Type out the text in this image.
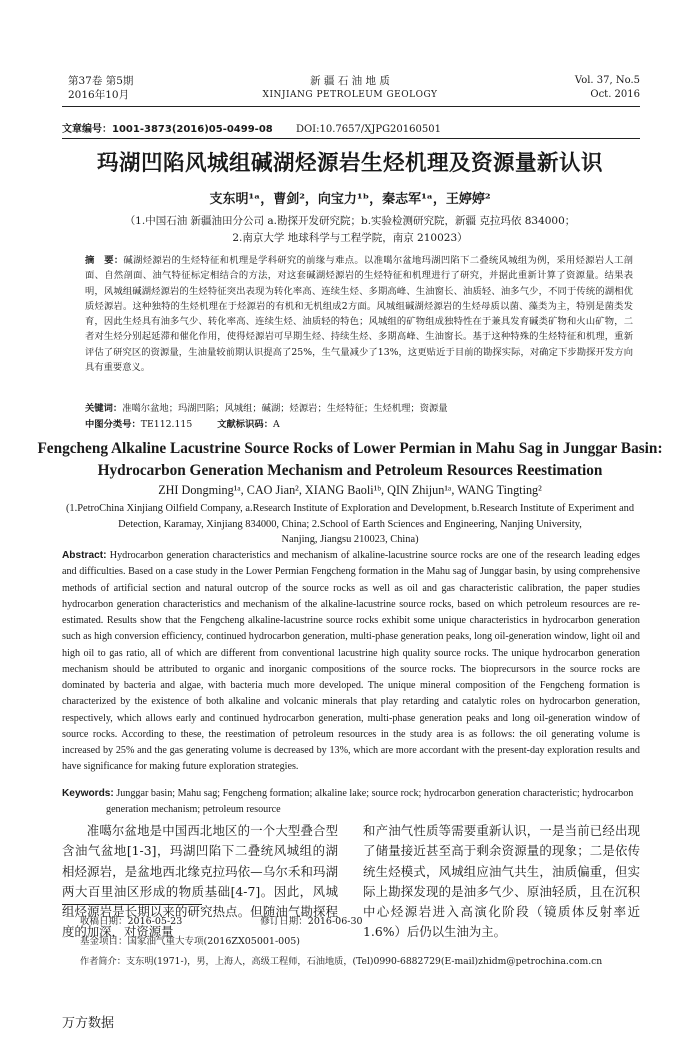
第37卷 第5期
2016年10月
新 疆 石 油 地 质
XINJIANG PETROLEUM GEOLOGY
Vol. 37, No.5
Oct. 2016
文章编号：1001-3873(2016)05-0499-08 DOI:10.7657/XJPG20160501
玛湖凹陷风城组碱湖烃源岩生烃机理及资源量新认识
支东明¹ᵃ，曹剑²，向宝力¹ᵇ，秦志军¹ᵃ，王婷婷²
（1.中国石油 新疆油田分公司 a.勘探开发研究院；b.实验检测研究院，新疆 克拉玛依 834000；
2.南京大学 地球科学与工程学院，南京 210023）
摘　要：碱湖烃源岩的生烃特征和机理是学科研究的前缘与难点。以准噶尔盆地玛湖凹陷下二叠统风城组为例，采用烃源岩人工剖面、自然剖面、油气特征标定相结合的方法，对这套碱湖烃源岩的生烃特征和机理进行了研究，并据此重新计算了资源量。结果表明，风城组碱湖烃源岩的生烃特征突出表现为转化率高、连续生烃、多期高峰、生油窗长、油质轻、油多气少，不同于传统的湖相优质烃源岩。这种独特的生烃机理在于烃源岩的有机和无机组成2方面。风城组碱湖烃源岩的生烃母质以菌、藻类为主，特别是菌类发育，因此生烃具有油多气少、转化率高、连续生烃、油质轻的特色；风城组的矿物组成独特性在于兼具发育碱类矿物和火山矿物，二者对生烃分别起延滞和催化作用，使得烃源岩可早期生烃、持续生烃、多期高峰、生油窗长。基于这种特殊的生烃特征和机理，重新评估了研究区的资源量，生油量较前期认识提高了25%，生气量减少了13%，这更贴近于目前的勘探实际，对确定下步勘探开发方向具有重要意义。
关键词：准噶尔盆地；玛湖凹陷；风城组；碱湖；烃源岩；生烃特征；生烃机理；资源量
中图分类号：TE112.115	文献标识码：A
Fengcheng Alkaline Lacustrine Source Rocks of Lower Permian in Mahu Sag in Junggar Basin:
Hydrocarbon Generation Mechanism and Petroleum Resources Reestimation
ZHI Dongming¹ᵃ, CAO Jian², XIANG Baoli¹ᵇ, QIN Zhijun¹ᵃ, WANG Tingting²
(1.PetroChina Xinjiang Oilfield Company, a.Research Institute of Exploration and Development, b.Research Institute of Experiment and
Detection, Karamay, Xinjiang 834000, China; 2.School of Earth Sciences and Engineering, Nanjing University,
Nanjing, Jiangsu 210023, China)
Abstract: Hydrocarbon generation characteristics and mechanism of alkaline-lacustrine source rocks are one of the research leading edges and difficulties. Based on a case study in the Lower Permian Fengcheng formation in the Mahu sag of Junggar basin, by using comprehensive methods of artificial section and natural outcrop of the source rocks as well as oil and gas characteristic calibration, the paper studies hydrocarbon generation characteristics and mechanism of the alkaline-lacustrine source rocks, based on which petroleum resources are re-estimated. Results show that the Fengcheng alkaline-lacustrine source rocks exhibit some unique characteristics in hydrocarbon generation such as high conversion efficiency, continued hydrocarbon generation, multi-phase generation peaks, long oil-generation window, light oil and high oil to gas ratio, all of which are different from conventional lacustrine high quality source rocks. The unique hydrocarbon generation mechanism should be attributed to organic and inorganic compositions of the source rocks. The bioprecursors in the source rocks are dominated by bacteria and algae, with bacteria much more developed. The unique mineral composition of the Fengcheng formation is characterized by the existence of both alkaline and volcanic minerals that play retarding and catalytic roles on hydrocarbon generation, respectively, which allows early and continued hydrocarbon generation, multi-phase generation peaks and long oil-generation window of source rocks. According to these, the reestimation of petroleum resources in the study area is as follows: the oil generating volume is increased by 25% and the gas generating volume is decreased by 13%, which are more accordant with the present-day exploration results and have significance for making future exploration strategies.
Keywords: Junggar basin; Mahu sag; Fengcheng formation; alkaline lake; source rock; hydrocarbon generation characteristic; hydrocarbon
generation mechanism; petroleum resource
准噶尔盆地是中国西北地区的一个大型叠合型含油气盆地[1-3]，玛湖凹陷下二叠统风城组的湖相烃源岩，是盆地西北缘克拉玛依—乌尔禾和玛湖两大百里油区形成的物质基础[4-7]。因此，风城组烃源岩是长期以来的研究热点。但随油气勘探程度的加深，对资源量
和产油气性质等需要重新认识，一是当前已经出现了储量接近甚至高于剩余资源量的现象；二是依传统生烃模式，风城组应油气共生，油质偏重，但实际上勘探发现的是油多气少、原油轻质，且在沉积中心烃源岩进入高演化阶段（镜质体反射率近1.6%）后仍以生油为主。
收稿日期：2016-05-23	修订日期：2016-06-30
基金项目：国家油气重大专项(2016ZX05001-005)
作者简介：支东明(1971-)，男，上海人，高级工程师，石油地质，(Tel)0990-6882729(E-mail)zhidm@petrochina.com.cn
万方数据
